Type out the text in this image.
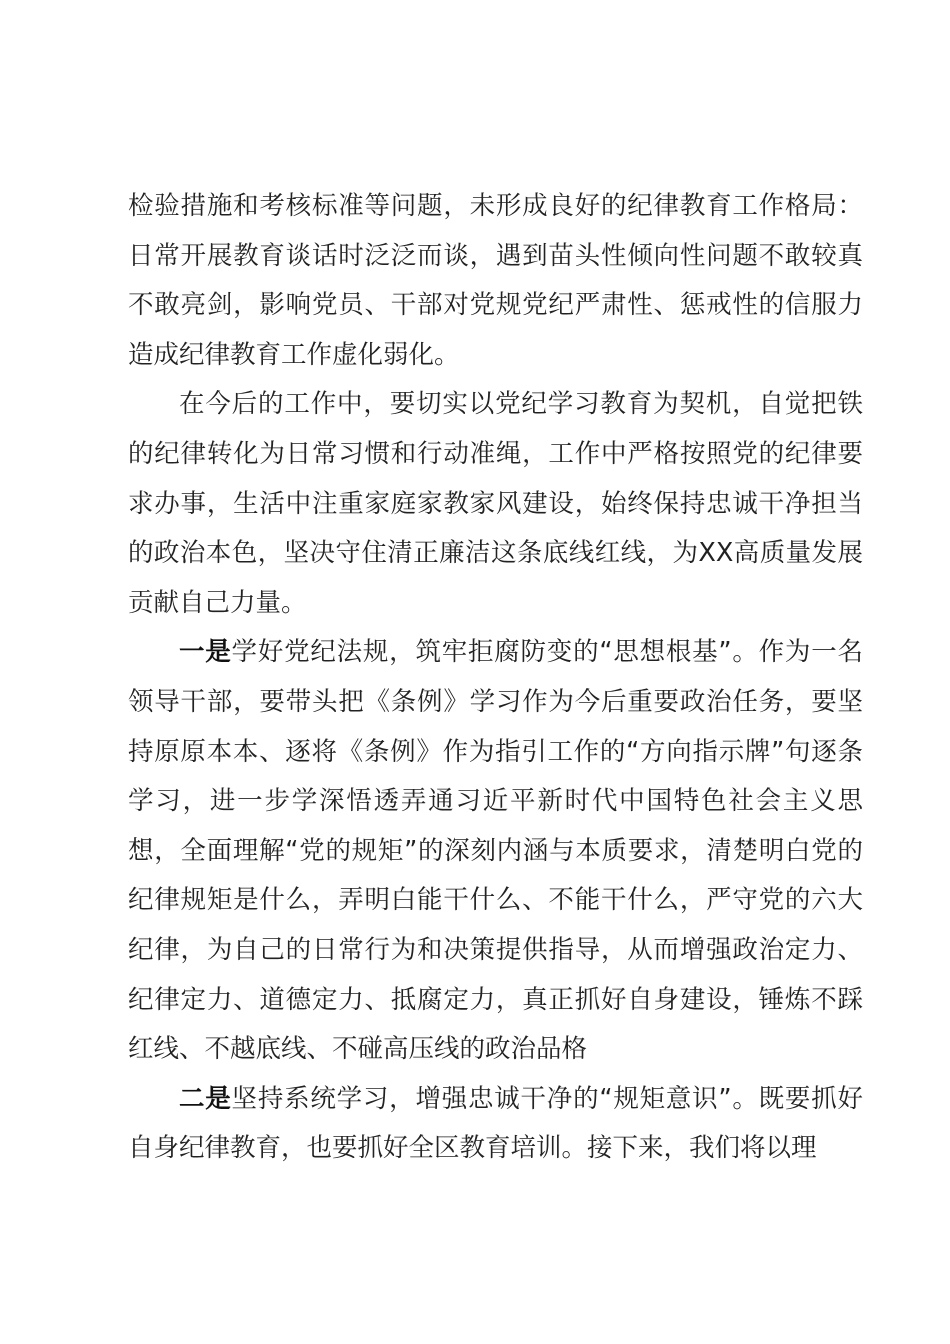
检验措施和考核标准等问题，未形成良好的纪律教育工作格局：日常开展教育谈话时泛泛而谈，遇到苗头性倾向性问题不敢较真不敢亮剑，影响党员、干部对党规党纪严肃性、惩戒性的信服力造成纪律教育工作虚化弱化。

在今后的工作中，要切实以党纪学习教育为契机，自觉把铁的纪律转化为日常习惯和行动准绳，工作中严格按照党的纪律要求办事，生活中注重家庭家教家风建设，始终保持忠诚干净担当的政治本色，坚决守住清正廉洁这条底线红线，为XX高质量发展贡献自己力量。

一是学好党纪法规，筑牢拒腐防变的“思想根基”。作为一名领导干部，要带头把《条例》学习作为今后重要政治任务，要坚持原原本本、逐将《条例》作为指引工作的“方向指示牌”句逐条学习，进一步学深悟透弄通习近平新时代中国特色社会主义思想，全面理解“党的规矩”的深刻内涵与本质要求，清楚明白党的纪律规矩是什么，弄明白能干什么、不能干什么，严守党的六大纪律，为自己的日常行为和决策提供指导，从而增强政治定力、纪律定力、道德定力、抵腐定力，真正抓好自身建设，锤炼不踩红线、不越底线、不碰高压线的政治品格

二是坚持系统学习，增强忠诚干净的“规矩意识”。既要抓好自身纪律教育，也要抓好全区教育培训。接下来，我们将以理
